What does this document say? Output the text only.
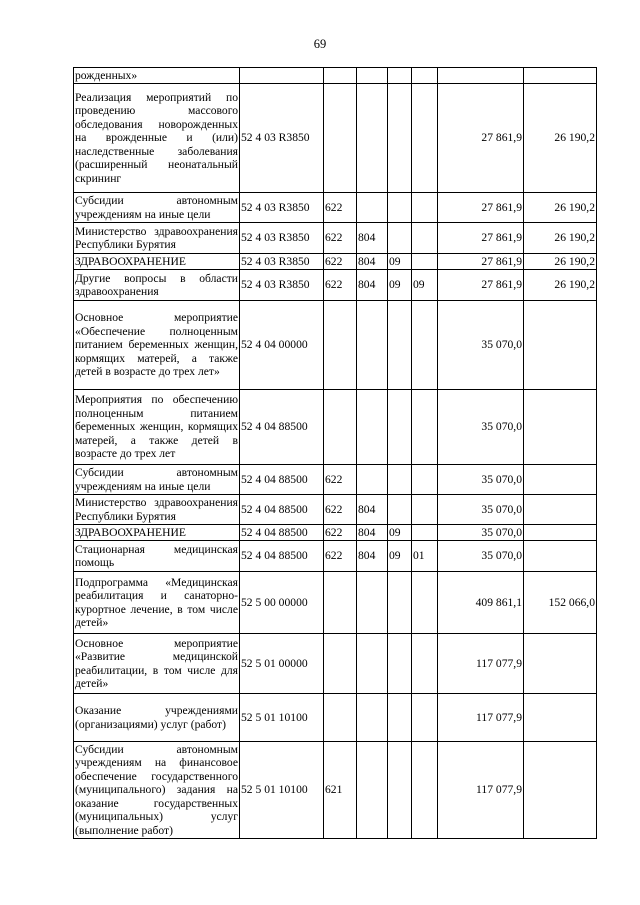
69
рожденных»							
Реализация мероприятий по проведению массового обследования новорожденных на врожденные и (или) наследственные заболевания (расширенный неонатальный скрининг	52 4 03 R3850					27 861,9	26 190,2
Субсидии автономным учреждениям на иные цели	52 4 03 R3850	622				27 861,9	26 190,2
Министерство здравоохранения Республики Бурятия	52 4 03 R3850	622	804			27 861,9	26 190,2
ЗДРАВООХРАНЕНИЕ	52 4 03 R3850	622	804	09		27 861,9	26 190,2
Другие вопросы в области здравоохранения	52 4 03 R3850	622	804	09	09	27 861,9	26 190,2
Основное мероприятие «Обеспечение полноценным питанием беременных женщин, кормящих матерей, а также детей в возрасте до трех лет»	52 4 04 00000					35 070,0	
Мероприятия по обеспечению полноценным питанием беременных женщин, кормящих матерей, а также детей в возрасте до трех лет	52 4 04 88500					35 070,0	
Субсидии автономным учреждениям на иные цели	52 4 04 88500	622				35 070,0	
Министерство здравоохранения Республики Бурятия	52 4 04 88500	622	804			35 070,0	
ЗДРАВООХРАНЕНИЕ	52 4 04 88500	622	804	09		35 070,0	
Стационарная медицинская помощь	52 4 04 88500	622	804	09	01	35 070,0	
Подпрограмма «Медицинская реабилитация и санаторно-курортное лечение, в том числе детей»	52 5 00 00000					409 861,1	152 066,0
Основное мероприятие «Развитие медицинской реабилитации, в том числе для детей»	52 5 01 00000					117 077,9	
Оказание учреждениями (организациями) услуг (работ)	52 5 01 10100					117 077,9	
Субсидии автономным учреждениям на финансовое обеспечение государственного (муниципального) задания на оказание государственных (муниципальных) услуг (выполнение работ)	52 5 01 10100	621				117 077,9	
